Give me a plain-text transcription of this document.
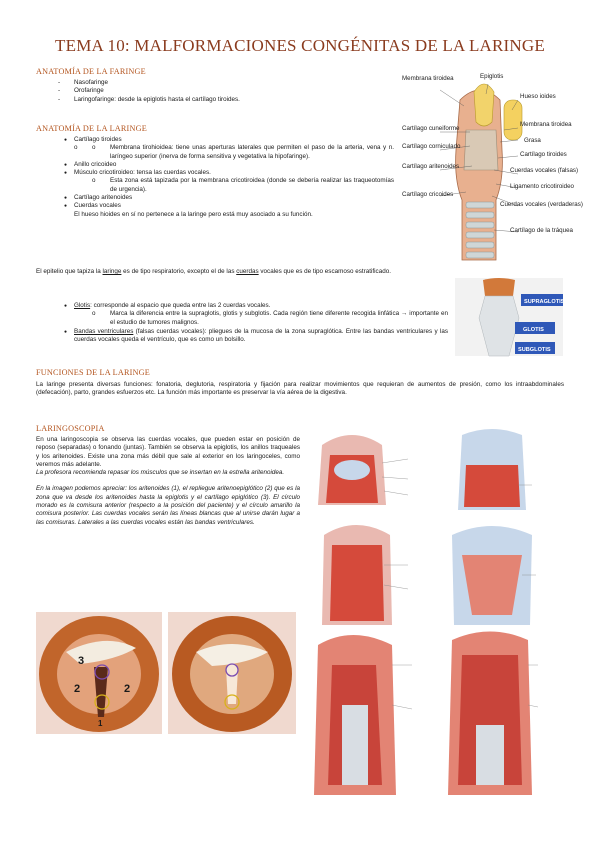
TEMA 10: MALFORMACIONES CONGÉNITAS DE LA LARINGE
ANATOMÍA DE LA FARINGE
- Nasofaringe
- Orofaringe
- Laringofaringe: desde la epiglotis hasta el cartílago tiroides.
ANATOMÍA DE LA LARINGE
● Cartílago tiroides
o o Membrana tirohioidea: tiene unas aperturas laterales que permiten el paso de la arteria, vena y n. laríngeo superior (inerva de forma sensitiva y vegetativa la hipofaringe).
● Anillo cricoideo
● Músculo cricotiroideo: tensa las cuerdas vocales.
o Esta zona está tapizada por la membrana cricotiroidea (donde se debería realizar las traqueotomías de urgencia).
● Cartílago aritenoides
● Cuerdas vocales
El hueso hioides en sí no pertenece a la laringe pero está muy asociado a su función.
El epitelio que tapiza la laringe es de tipo respiratorio, excepto el de las cuerdas vocales que es de tipo escamoso estratificado.
● Glotis: corresponde al espacio que queda entre las 2 cuerdas vocales.
o Marca la diferencia entre la supraglotis, glotis y subglotis. Cada región tiene diferente recogida linfática → importante en el estudio de tumores malignos.
● Bandas ventriculares (falsas cuerdas vocales): pliegues de la mucosa de la zona supraglótica. Entre las bandas ventriculares y las cuerdas vocales queda el ventrículo, que es como un bolsillo.
FUNCIONES DE LA LARINGE
La laringe presenta diversas funciones: fonatoria, deglutoria, respiratoria y fijación para realizar movimientos que requieran de aumentos de presión, como los intraabdominales (defecación), parto, grandes esfuerzos etc. La función más importante es preservar la vía aérea de la digestiva.
LARINGOSCOPIA
En una laringoscopia se observa las cuerdas vocales, que pueden estar en posición de reposo (separadas) o fonando (juntas). También se observa la epiglotis, los anillos traqueales y los aritenoides. Existe una zona más débil que sale al exterior en los laringoceles, como veremos más adelante.
La profesora recomienda repasar los músculos que se insertan en la estrella aritenoidea.
En la imagen podemos apreciar: los aritenoides (1), el repliegue aritenoepiglótico (2) que es la zona que va desde los aritenoides hasta la epiglotis y el cartílago epiglótico (3). El círculo morado es la comisura anterior (respecto a la posición del paciente) y el círculo amarillo la comisura posterior. Las cuerdas vocales serán las líneas blancas que al unirse darán lugar a las comisuras. Laterales a las cuerdas vocales están las bandas ventriculares.
Membrana tiroidea	Epiglotis
Hueso ioides
Membrana tiroidea
Grasa
Cartílago cuneiforme
Cartílago corniculado
Cartílago tiroides
Cartílago aritenoides
Cuerdas vocales (falsas)
Ligamento cricotiroideo
Cartílago cricoides
Cuerdas vocales (verdaderas)
Cartílago de la tráquea
SUPRAGLOTIS
GLOTIS
SUBGLOTIS
3
2	2
1
